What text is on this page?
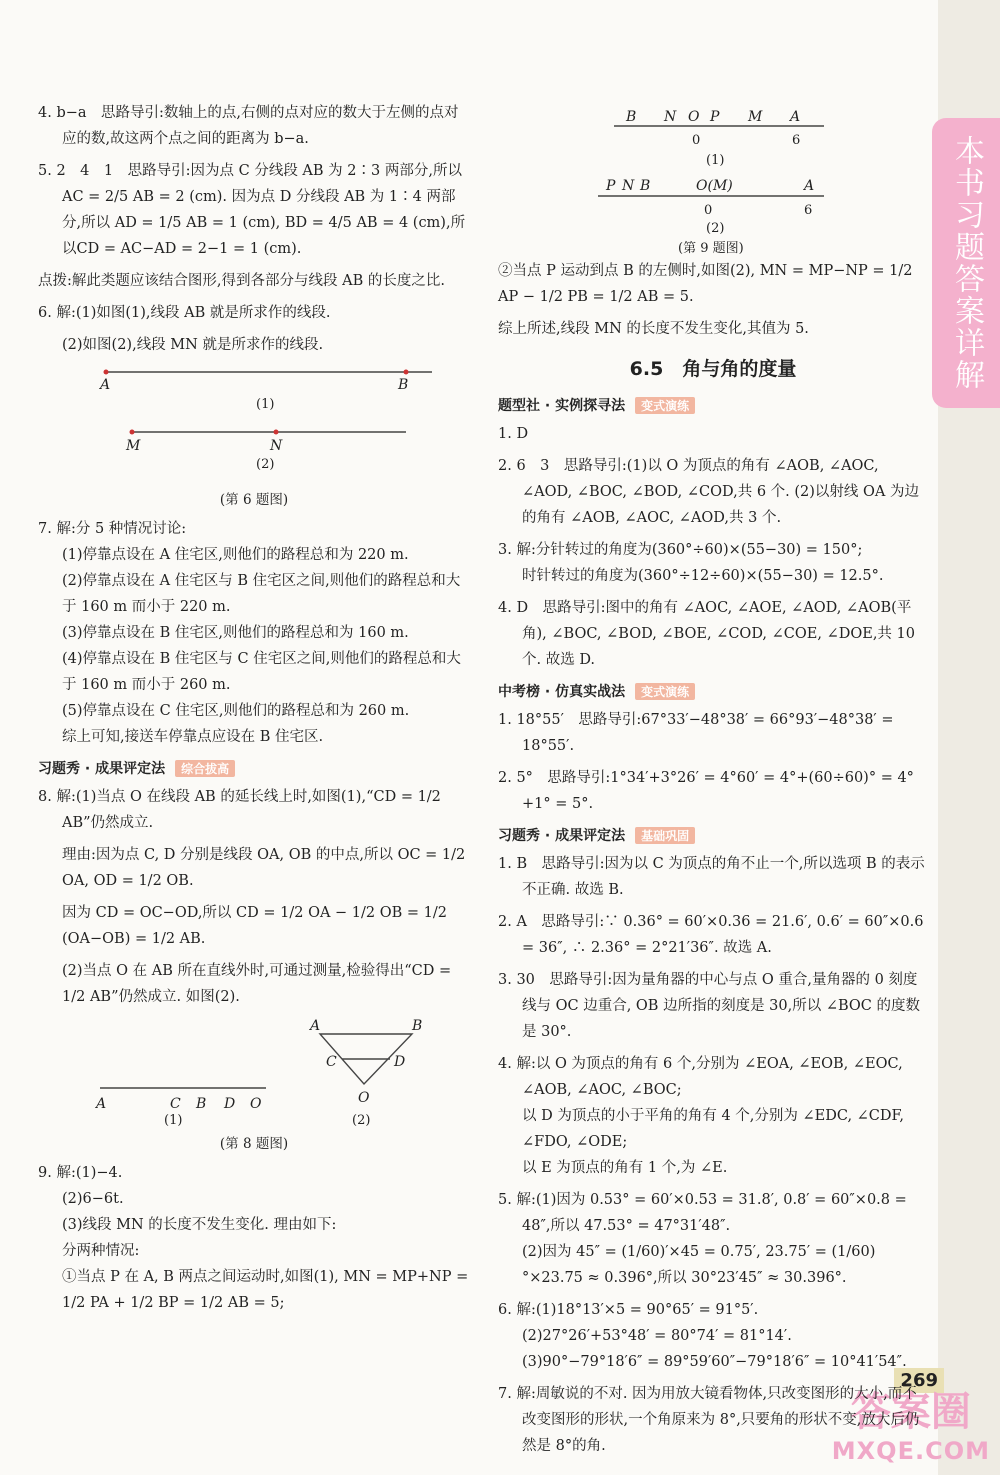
本书习题答案详解
269
答案圈
MXQE.COM

4. b−a　思路导引:数轴上的点,右侧的点对应的数大于左侧的点对应的数,故这两个点之间的距离为 b−a.

5. 2　4　1　思路导引:因为点 C 分线段 AB 为 2∶3 两部分,所以AC = 2/5 AB = 2 (cm). 因为点 D 分线段 AB 为 1∶4 两部分,所以 AD = 1/5 AB = 1 (cm), BD = 4/5 AB = 4 (cm),所以CD = AC−AD = 2−1 = 1 (cm).

点拨:解此类题应该结合图形,得到各部分与线段 AB 的长度之比.

6. 解:(1)如图(1),线段 AB 就是所求作的线段.

(2)如图(2),线段 MN 就是所求作的线段.

A	B
(1)
M	N
(2)
(第 6 题图)

7. 解:分 5 种情况讨论:

(1)停靠点设在 A 住宅区,则他们的路程总和为 220 m.

(2)停靠点设在 A 住宅区与 B 住宅区之间,则他们的路程总和大于 160 m 而小于 220 m.

(3)停靠点设在 B 住宅区,则他们的路程总和为 160 m.

(4)停靠点设在 B 住宅区与 C 住宅区之间,则他们的路程总和大于 160 m 而小于 260 m.

(5)停靠点设在 C 住宅区,则他们的路程总和为 260 m.

综上可知,接送车停靠点应设在 B 住宅区.

习题秀 · 成果评定法 综合拔高

8. 解:(1)当点 O 在线段 AB 的延长线上时,如图(1),“CD = 1/2 AB”仍然成立.

理由:因为点 C, D 分别是线段 OA, OB 的中点,所以 OC = 1/2 OA, OD = 1/2 OB.

因为 CD = OC−OD,所以 CD = 1/2 OA − 1/2 OB = 1/2 (OA−OB) = 1/2 AB.

(2)当点 O 在 AB 所在直线外时,可通过测量,检验得出“CD = 1/2 AB”仍然成立. 如图(2).

A	C B D O
(1)
A	B
C	D
O
(2)
(第 8 题图)

9. 解:(1)−4.

(2)6−6t.

(3)线段 MN 的长度不发生变化. 理由如下:

分两种情况:

①当点 P 在 A, B 两点之间运动时,如图(1), MN = MP+NP = 1/2 PA + 1/2 BP = 1/2 AB = 5;

B N O P M A
0	6
(1)
P N B	O(M)	A
0	6
(2)
(第 9 题图)

②当点 P 运动到点 B 的左侧时,如图(2), MN = MP−NP = 1/2 AP − 1/2 PB = 1/2 AB = 5.

综上所述,线段 MN 的长度不发生变化,其值为 5.

6.5　角与角的度量
题型社 · 实例探寻法 变式演练

1. D

2. 6　3　思路导引:(1)以 O 为顶点的角有 ∠AOB, ∠AOC, ∠AOD, ∠BOC, ∠BOD, ∠COD,共 6 个. (2)以射线 OA 为边的角有 ∠AOB, ∠AOC, ∠AOD,共 3 个.

3. 解:分针转过的角度为(360°÷60)×(55−30) = 150°;

时针转过的角度为(360°÷12÷60)×(55−30) = 12.5°.

4. D　思路导引:图中的角有 ∠AOC, ∠AOE, ∠AOD, ∠AOB(平角), ∠BOC, ∠BOD, ∠BOE, ∠COD, ∠COE, ∠DOE,共 10 个. 故选 D.

中考榜 · 仿真实战法 变式演练

1. 18°55′　思路导引:67°33′−48°38′ = 66°93′−48°38′ = 18°55′.

2. 5°　思路导引:1°34′+3°26′ = 4°60′ = 4°+(60÷60)° = 4°+1° = 5°.

习题秀 · 成果评定法 基础巩固

1. B　思路导引:因为以 C 为顶点的角不止一个,所以选项 B 的表示不正确. 故选 B.

2. A　思路导引:∵ 0.36° = 60′×0.36 = 21.6′, 0.6′ = 60″×0.6 = 36″, ∴ 2.36° = 2°21′36″. 故选 A.

3. 30　思路导引:因为量角器的中心与点 O 重合,量角器的 0 刻度线与 OC 边重合, OB 边所指的刻度是 30,所以 ∠BOC 的度数是 30°.

4. 解:以 O 为顶点的角有 6 个,分别为 ∠EOA, ∠EOB, ∠EOC, ∠AOB, ∠AOC, ∠BOC;

以 D 为顶点的小于平角的角有 4 个,分别为 ∠EDC, ∠CDF, ∠FDO, ∠ODE;

以 E 为顶点的角有 1 个,为 ∠E.

5. 解:(1)因为 0.53° = 60′×0.53 = 31.8′, 0.8′ = 60″×0.8 = 48″,所以 47.53° = 47°31′48″.

(2)因为 45″ = (1/60)′×45 = 0.75′, 23.75′ = (1/60)°×23.75 ≈ 0.396°,所以 30°23′45″ ≈ 30.396°.

6. 解:(1)18°13′×5 = 90°65′ = 91°5′.

(2)27°26′+53°48′ = 80°74′ = 81°14′.

(3)90°−79°18′6″ = 89°59′60″−79°18′6″ = 10°41′54″.

7. 解:周敏说的不对. 因为用放大镜看物体,只改变图形的大小,而不改变图形的形状,一个角原来为 8°,只要角的形状不变,放大后仍然是 8°的角.
